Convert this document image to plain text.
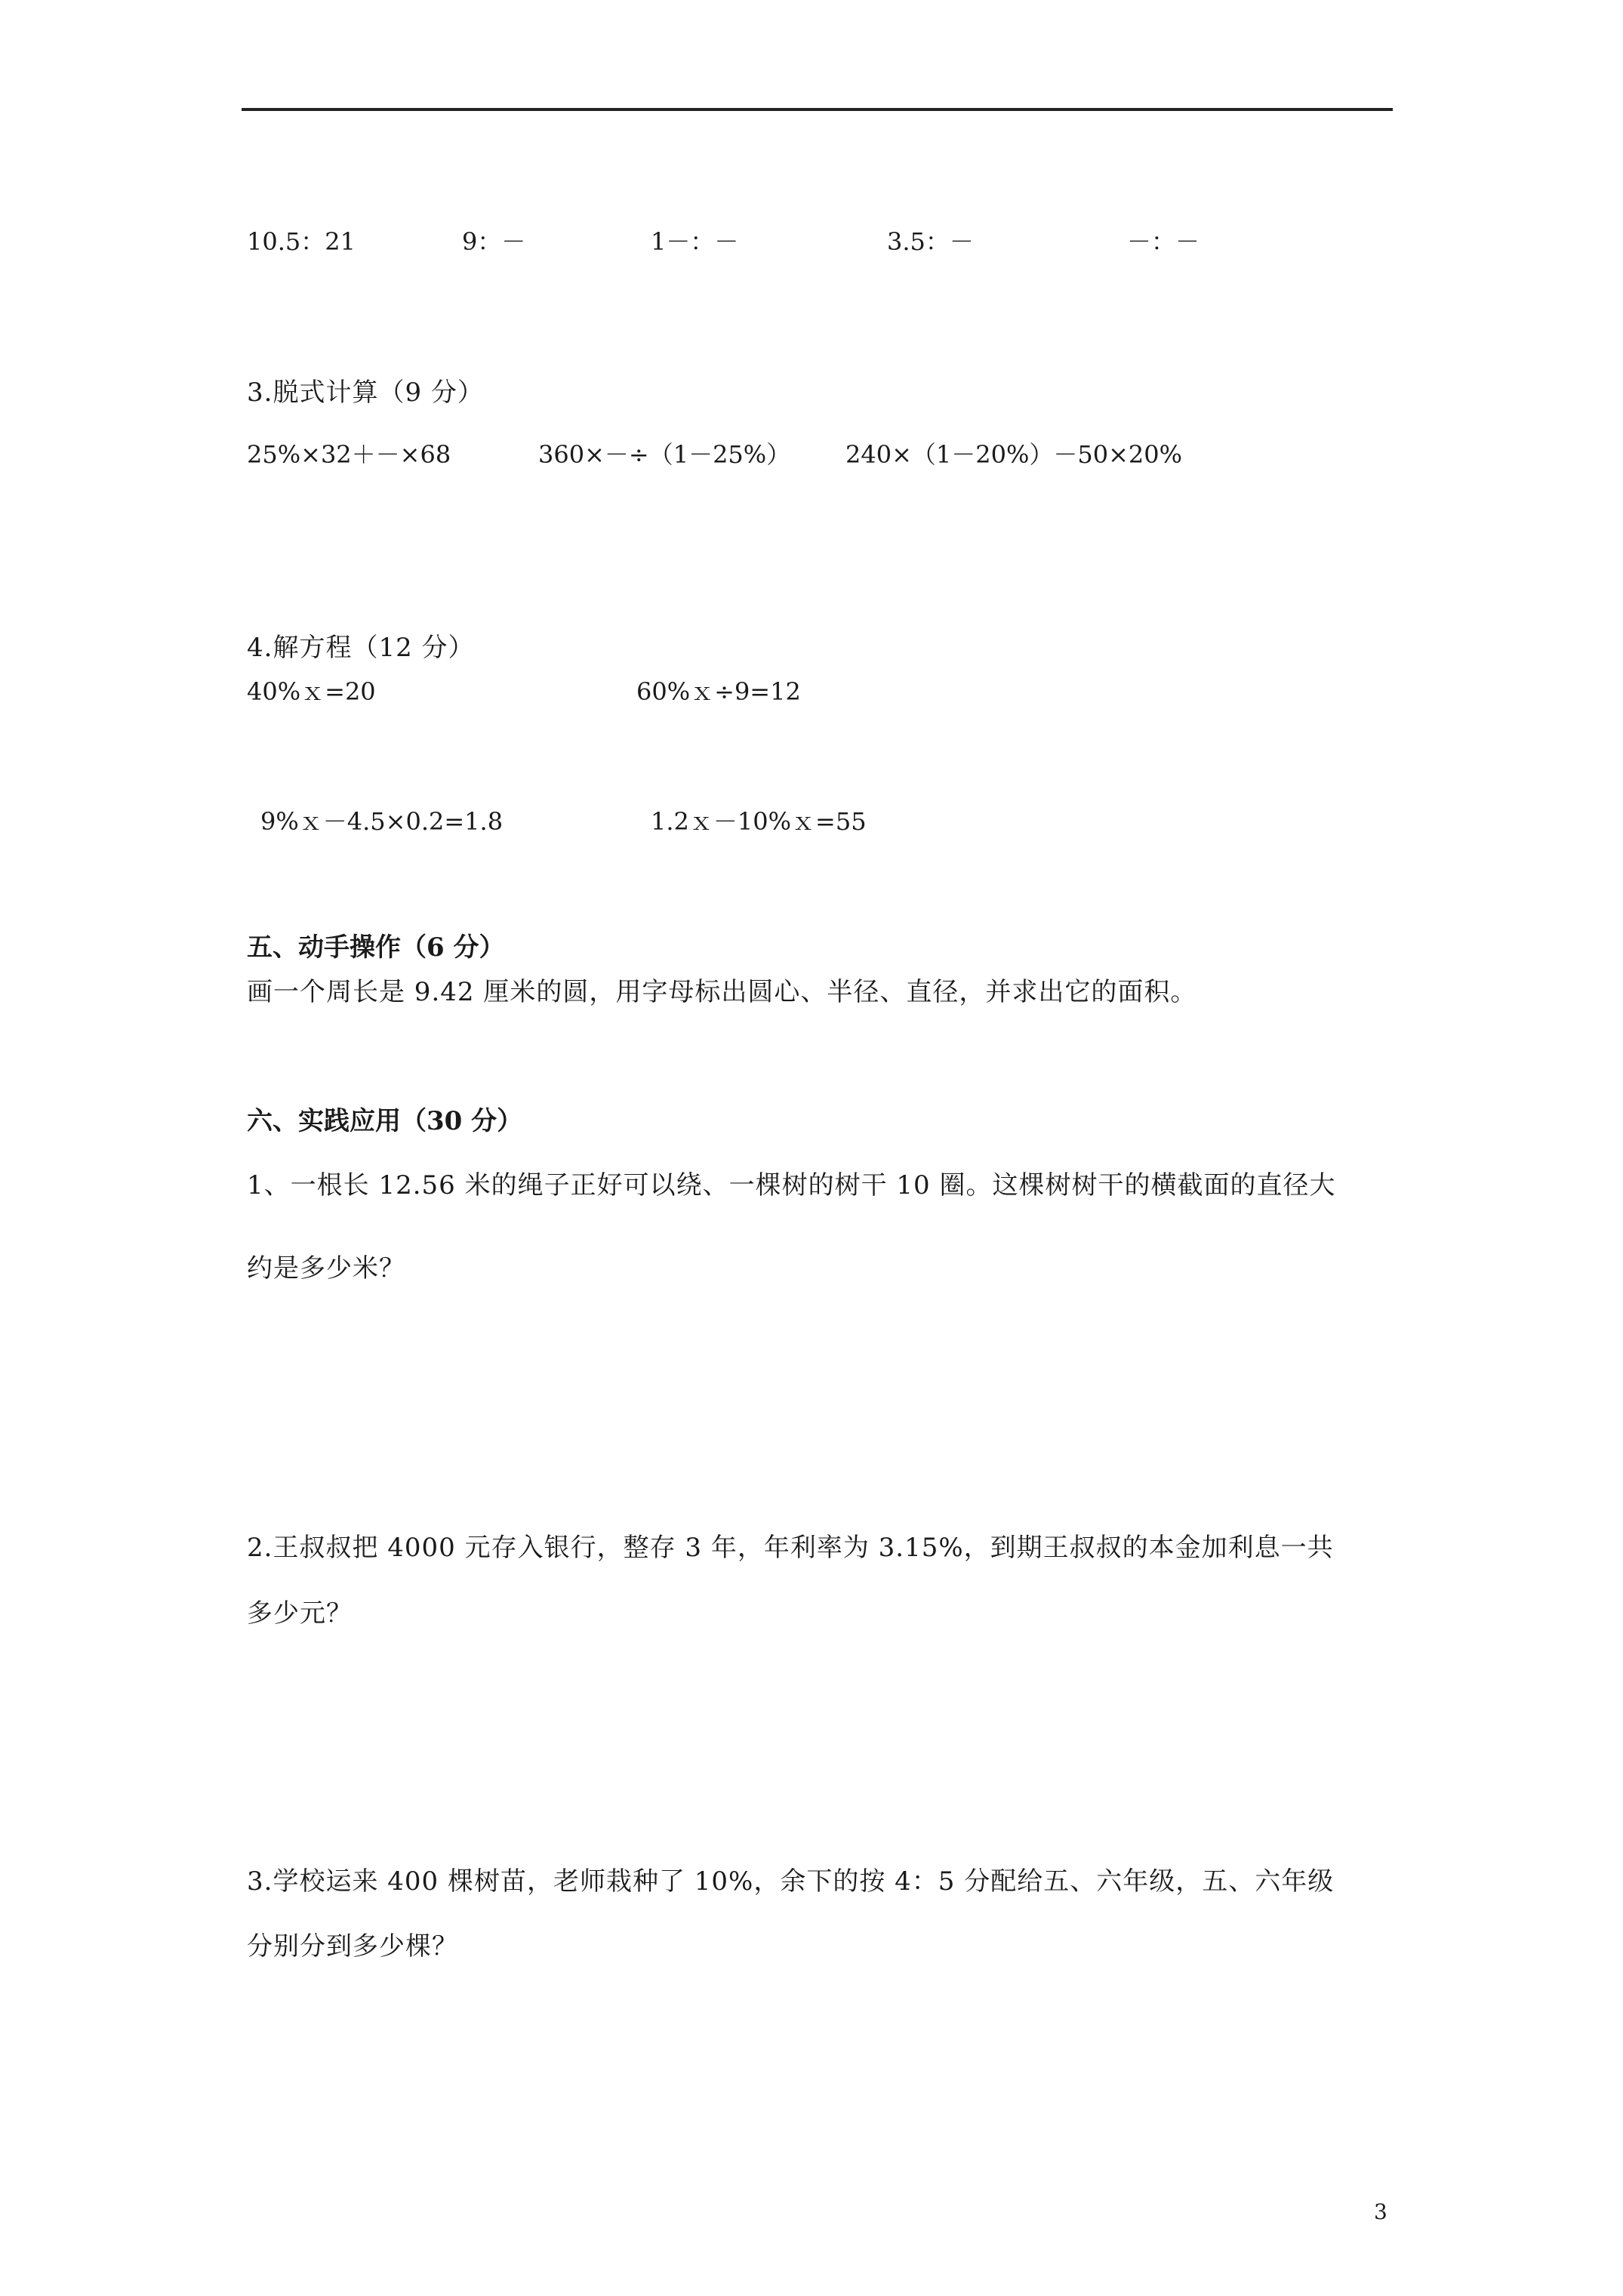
10.5：21	9：－	1－：－	3.5：－	－：－
3.脱式计算（9 分）
25%×32＋－×68	360×－÷（1－25%） 240×（1－20%）－50×20%
4.解方程（12 分）
40%ｘ=20	60%ｘ÷9=12
9%ｘ－4.5×0.2=1.8	1.2ｘ－10%ｘ=55
五、动手操作（6 分）
画一个周长是 9.42 厘米的圆，用字母标出圆心、半径、直径，并求出它的面积。
六、实践应用（30 分）
1、一根长 12.56 米的绳子正好可以绕、一棵树的树干 10 圈。这棵树树干的横截面的直径大
约是多少米？
2.王叔叔把 4000 元存入银行，整存 3 年，年利率为 3.15%，到期王叔叔的本金加利息一共
多少元？
3.学校运来 400 棵树苗，老师栽种了 10%，余下的按 4：5 分配给五、六年级，五、六年级
分别分到多少棵？
3
